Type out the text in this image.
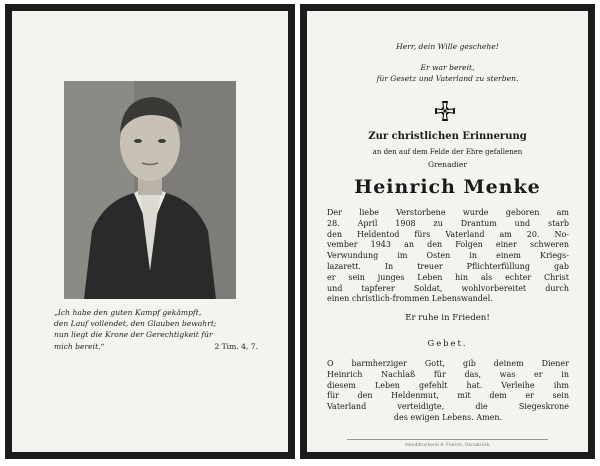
„Ich habe den guten Kampf gekämpft,
den Lauf vollendet, den Glauben bewahrt;
nun liegt die Krone der Gerechtigkeit für
mich bereit.“	2 Tim. 4, 7.
Herr, dein Wille geschehe!
Er war bereit,
für Gesetz und Vaterland zu sterben.
Zur christlichen Erinnerung
an den auf dem Felde der Ehre gefallenen
Grenadier
Heinrich Menke
Der liebe Verstorbene wurde geboren am
28. April 1908 zu Drantum und starb
den Heldentod fürs Vaterland am 20. No-
vember 1943 an den Folgen einer schweren
Verwundung im Osten in einem Kriegs-
lazarett. In treuer Pflichterfüllung gab
er sein junges Leben hin als echter Christ
und tapferer Soldat, wohlvorbereitet durch
einen christlich-frommen Lebenswandel.
Er ruhe in Frieden!
Gebet.
O barmherziger Gott, gib deinem Diener
Heinrich Nachlaß für das, was er in
diesem Leben gefehlt hat. Verleihe ihm
für den Heldenmut, mit dem er sein
Vaterland verteidigte, die Siegeskrone
des ewigen Lebens. Amen.
Handdruckerei A. Fromm, Osnabrück
